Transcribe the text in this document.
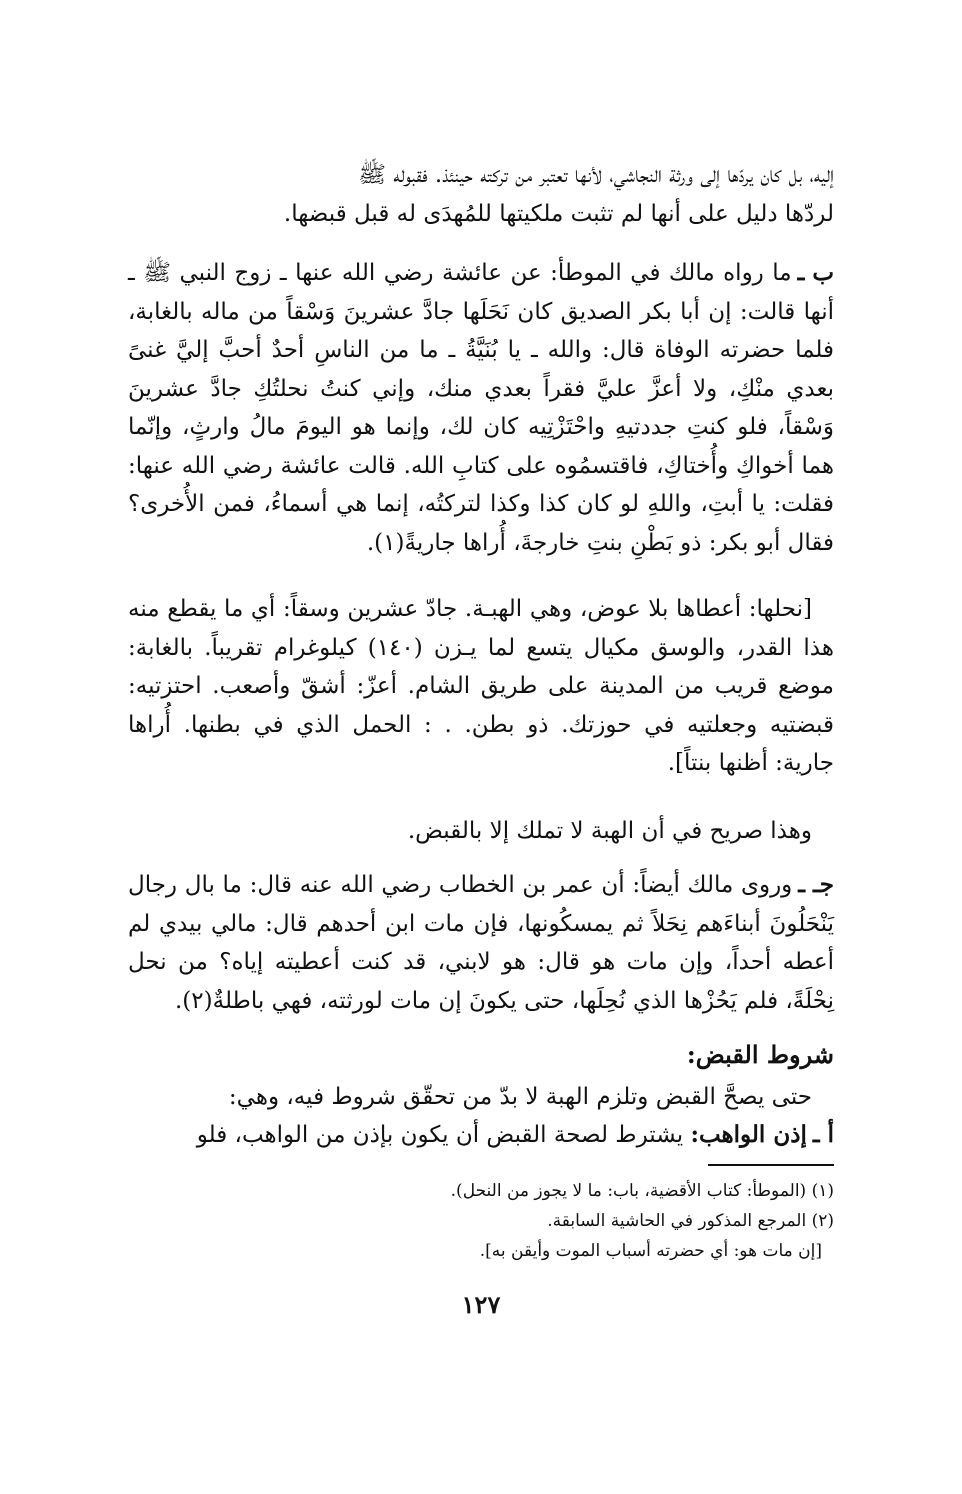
إليه، بل كان يردّها إلى ورثة النجاشي، لأنها تعتبر من تركته حينئذ. فقبوله ﷺ
لردّها دليل على أنها لم تثبت ملكيتها للمُهدَى له قبل قبضها.
ب ـما رواه مالك في الموطأ: عن عائشة رضي الله عنها ـ زوج النبي ﷺ ـ أنها قالت: إن أبا بكر الصديق كان نَحَلَها جادَّ عشرينَ وَسْقاً من ماله بالغابة، فلما حضرته الوفاة قال: والله ـ يا بُنَيَّةُ ـ ما من الناسِ أحدٌ أحبَّ إليَّ غنىً بعدي منْكِ، ولا أعزَّ عليَّ فقراً بعدي منك، وإني كنتُ نحلتُكِ جادَّ عشرينَ وَسْقاً، فلو كنتِ جددتيهِ واحْتَزْتِيه كان لك، وإنما هو اليومَ مالُ وارثٍ، وإنّما هما أخواكِ وأُختاكِ، فاقتسمُوه على كتابِ الله. قالت عائشة رضي الله عنها: فقلت: يا أبتِ، واللهِ لو كان كذا وكذا لتركتُه، إنما هي أسماءُ، فمن الأُخرى؟ فقال أبو بكر: ذو بَطْنِ بنتِ خارجةَ، أُراها جاريةً(١).
[نحلها: أعطاها بلا عوض، وهي الهبـة. جادّ عشرين وسقاً: أي ما يقطع منه هذا القدر، والوسق مكيال يتسع لما يـزن (١٤٠) كيلوغرام تقريباً. بالغابة: موضع قريب من المدينة على طريق الشام. أعزّ: أشقّ وأصعب. احتزتيه: قبضتيه وجعلتيه في حوزتك. ذو بطن. . : الحمل الذي في بطنها. أُراها جارية: أظنها بنتاً].
وهذا صريح في أن الهبة لا تملك إلا بالقبض.
جـ ـوروى مالك أيضاً: أن عمر بن الخطاب رضي الله عنه قال: ما بال رجال يَنْحَلُونَ أبناءَهم نِحَلاً ثم يمسكُونها، فإن مات ابن أحدهم قال: مالي بيدي لم أعطه أحداً، وإن مات هو قال: هو لابني، قد كنت أعطيته إياه؟ من نحل نِحْلَةً، فلم يَحُزْها الذي نُحِلَها، حتى يكونَ إن مات لورثته، فهي باطلةٌ(٢).
شروط القبض:
حتى يصحَّ القبض وتلزم الهبة لا بدّ من تحقّق شروط فيه، وهي:
أ ـإذن الواهب: يشترط لصحة القبض أن يكون بإذن من الواهب، فلو
(١) (الموطأ: كتاب الأقضية، باب: ما لا يجوز من النحل).
(٢) المرجع المذكور في الحاشية السابقة.
[إن مات هو: أي حضرته أسباب الموت وأيقن به].
١٢٧
